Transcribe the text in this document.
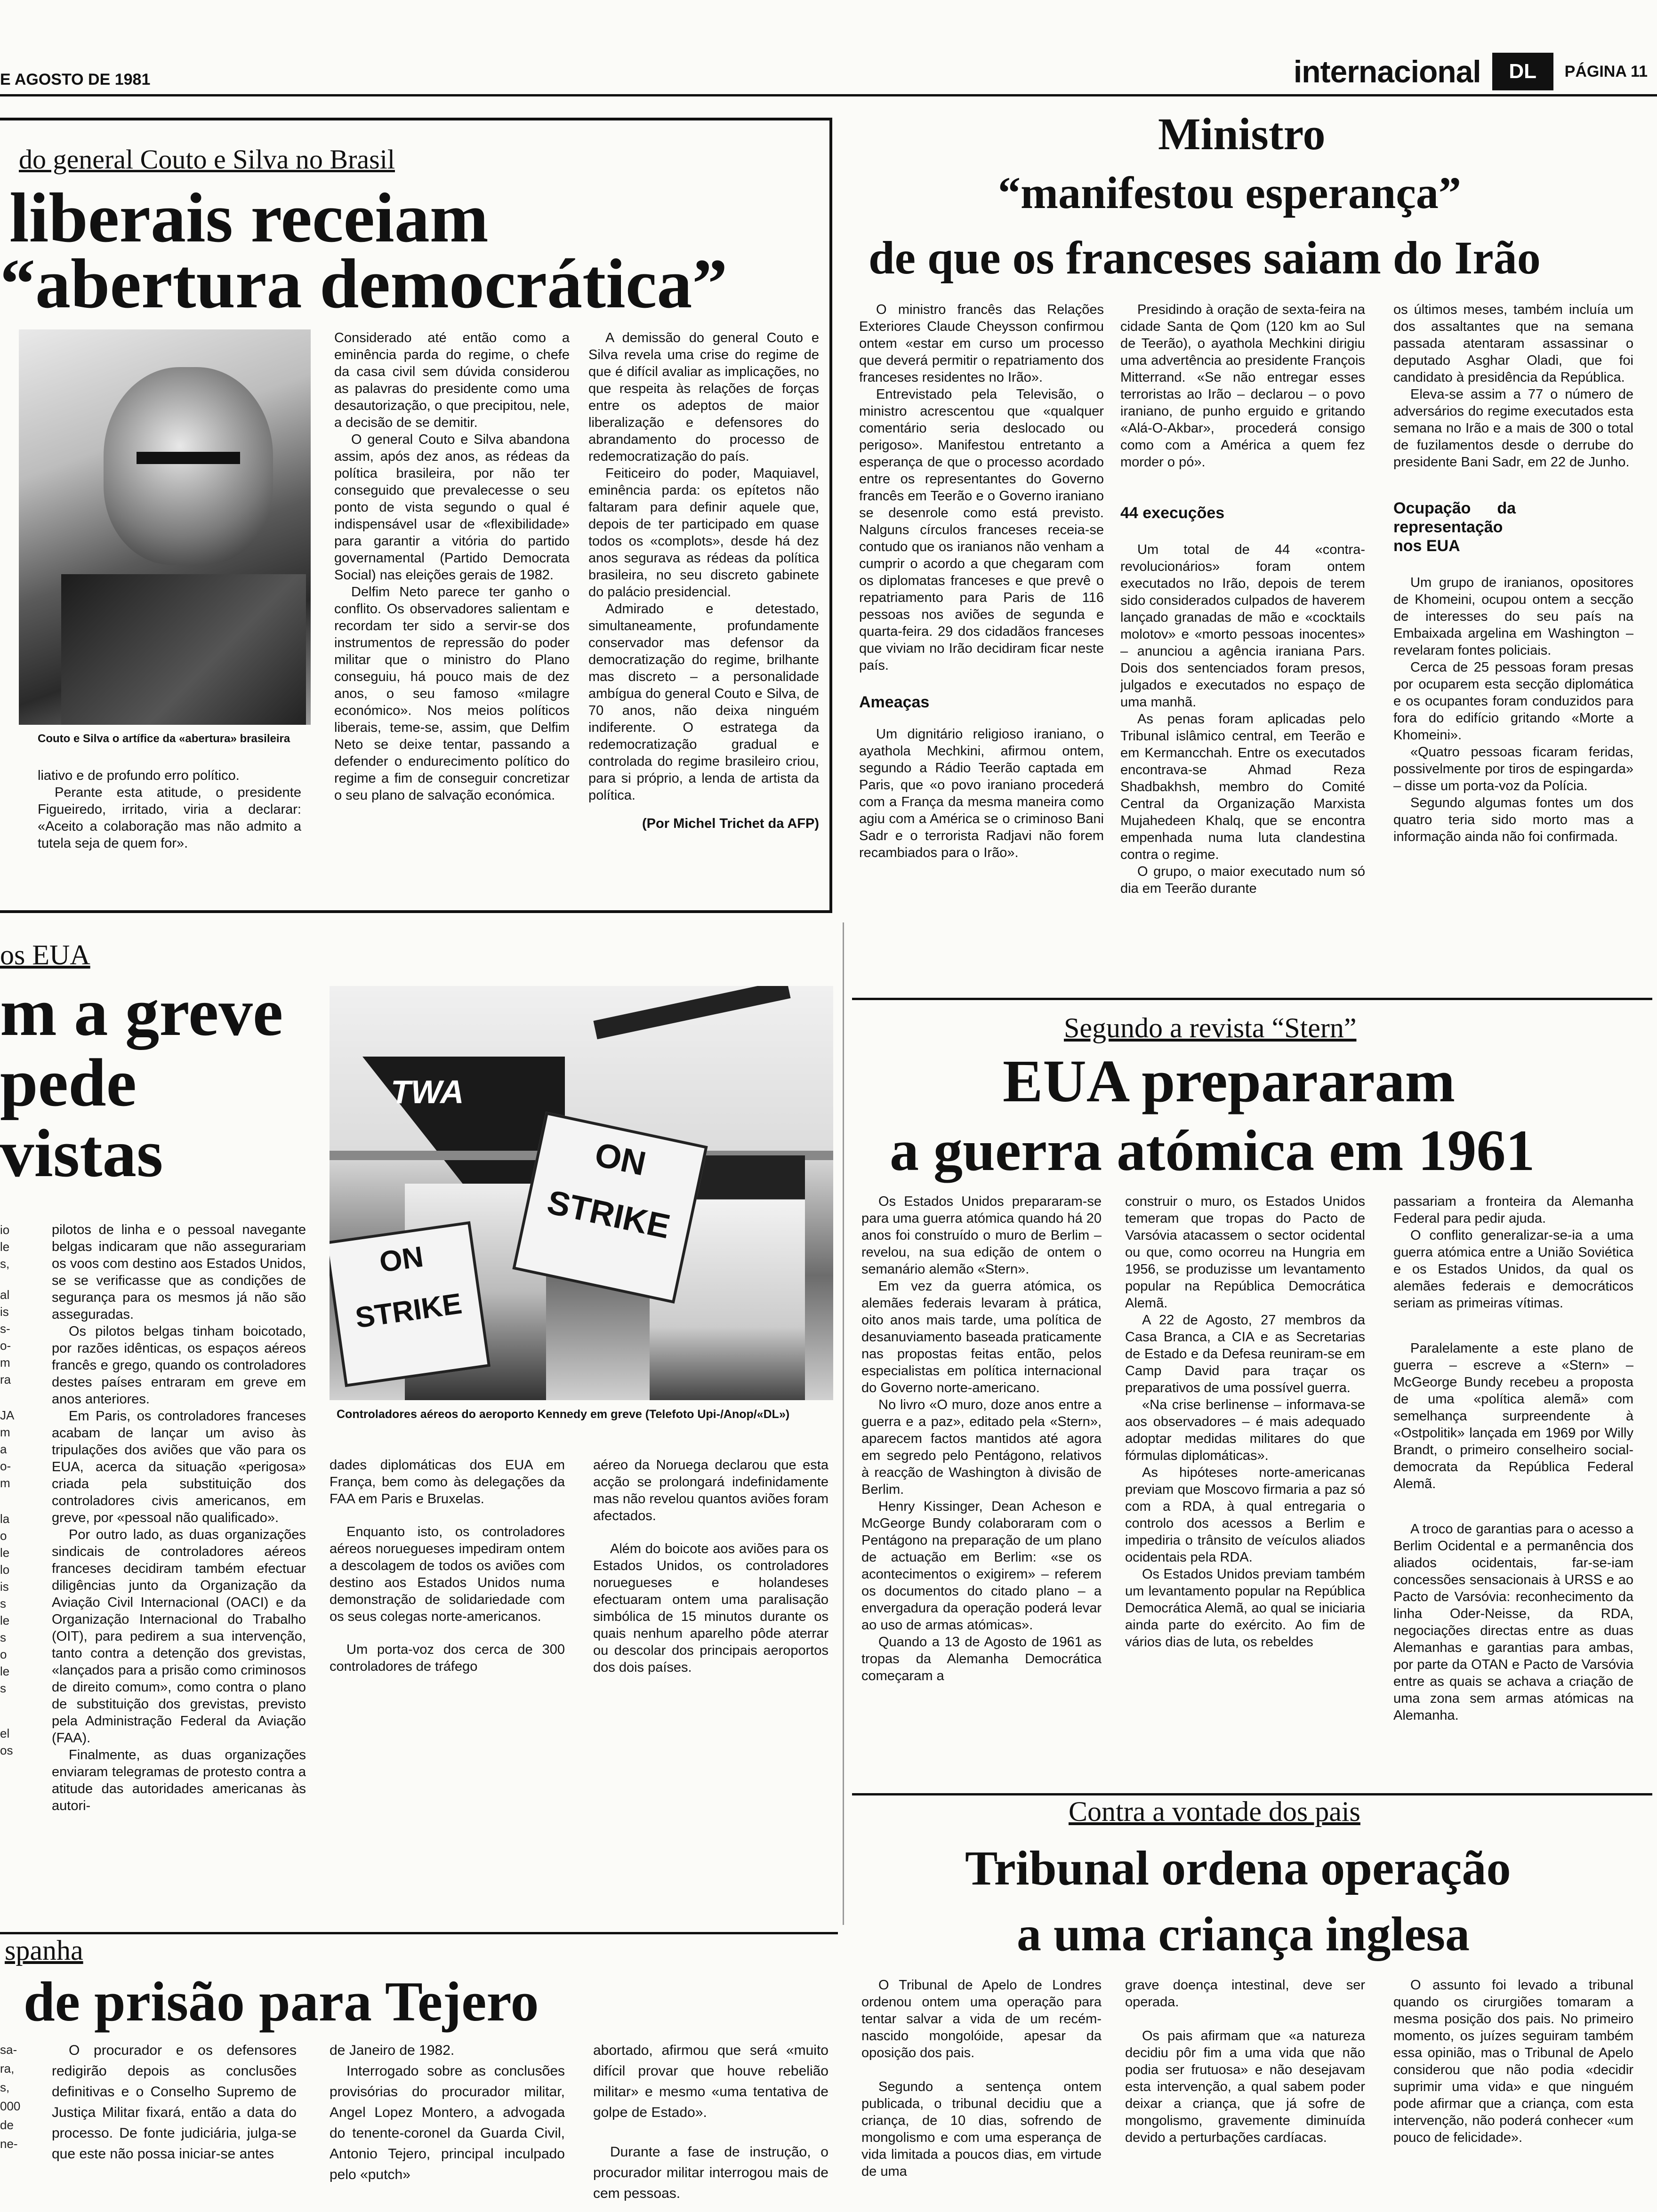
E AGOSTO DE 1981	internacional	DL	PÁGINA 11
do general Couto e Silva no Brasil
liberais receiam
“abertura democrática”
Couto e Silva o artífice da «abertura» brasileira

liativo e de profundo erro político.

Perante esta atitude, o presidente Figueiredo, irritado, viria a declarar: «Aceito a colaboração mas não admito a tutela seja de quem for».

Considerado até então como a eminência parda do regime, o chefe da casa civil sem dúvida considerou as palavras do presidente como uma desautorização, o que precipitou, nele, a decisão de se demitir.

O general Couto e Silva abandona assim, após dez anos, as rédeas da política brasileira, por não ter conseguido que prevalecesse o seu ponto de vista segundo o qual é indispensável usar de «flexibilidade» para garantir a vitória do partido governamental (Partido Democrata Social) nas eleições gerais de 1982.

Delfim Neto parece ter ganho o conflito. Os observadores salientam e recordam ter sido a servir-se dos instrumentos de repressão do poder militar que o ministro do Plano conseguiu, há pouco mais de dez anos, o seu famoso «milagre económico». Nos meios políticos liberais, teme-se, assim, que Delfim Neto se deixe tentar, passando a defender o endurecimento político do regime a fim de conseguir concretizar o seu plano de salvação económica.

A demissão do general Couto e Silva revela uma crise do regime de que é difícil avaliar as implicações, no que respeita às relações de forças entre os adeptos de maior liberalização e defensores do abrandamento do processo de redemocratização do país.

Feiticeiro do poder, Maquiavel, eminência parda: os epítetos não faltaram para definir aquele que, depois de ter participado em quase todos os «complots», desde há dez anos segurava as rédeas da política brasileira, no seu discreto gabinete do palácio presidencial.

Admirado e detestado, simultaneamente, profundamente conservador mas defensor da democratização do regime, brilhante mas discreto – a personalidade ambígua do general Couto e Silva, de 70 anos, não deixa ninguém indiferente. O estratega da redemocratização gradual e controlada do regime brasileiro criou, para si próprio, a lenda de artista da política.

(Por Michel Trichet da AFP)

Ministro
“manifestou esperança”
de que os franceses saiam do Irão

O ministro francês das Relações Exteriores Claude Cheysson confirmou ontem «estar em curso um processo que deverá permitir o repatriamento dos franceses residentes no Irão».

Entrevistado pela Televisão, o ministro acrescentou que «qualquer comentário seria deslocado ou perigoso». Manifestou entretanto a esperança de que o processo acordado entre os representantes do Governo francês em Teerão e o Governo iraniano se desenrole como está previsto. Nalguns círculos franceses receia-se contudo que os iranianos não venham a cumprir o acordo a que chegaram com os diplomatas franceses e que prevê o repatriamento para Paris de 116 pessoas nos aviões de segunda e quarta-feira. 29 dos cidadãos franceses que viviam no Irão decidiram ficar neste país.

Ameaças

Um dignitário religioso iraniano, o ayathola Mechkini, afirmou ontem, segundo a Rádio Teerão captada em Paris, que «o povo iraniano procederá com a França da mesma maneira como agiu com a América se o criminoso Bani Sadr e o terrorista Radjavi não forem recambiados para o Irão».

Presidindo à oração de sexta-feira na cidade Santa de Qom (120 km ao Sul de Teerão), o ayathola Mechkini dirigiu uma advertência ao presidente François Mitterrand. «Se não entregar esses terroristas ao Irão – declarou – o povo iraniano, de punho erguido e gritando «Alá-O-Akbar», procederá consigo como com a América a quem fez morder o pó».

44 execuções

Um total de 44 «contra-revolucionários» foram ontem executados no Irão, depois de terem sido considerados culpados de haverem lançado granadas de mão e «cocktails molotov» e «morto pessoas inocentes» – anunciou a agência iraniana Pars. Dois dos sentenciados foram presos, julgados e executados no espaço de uma manhã.

As penas foram aplicadas pelo Tribunal islâmico central, em Teerão e em Kermancchah. Entre os executados encontrava-se Ahmad Reza Shadbakhsh, membro do Comité Central da Organização Marxista Mujahedeen Khalq, que se encontra empenhada numa luta clandestina contra o regime.

O grupo, o maior executado num só dia em Teerão durante

os últimos meses, também incluía um dos assaltantes que na semana passada atentaram assassinar o deputado Asghar Oladi, que foi candidato à presidência da República.

Eleva-se assim a 77 o número de adversários do regime executados esta semana no Irão e a mais de 300 o total de fuzilamentos desde o derrube do presidente Bani Sadr, em 22 de Junho.

Ocupação da representação nos EUA

Um grupo de iranianos, opositores de Khomeini, ocupou ontem a secção de interesses do seu país na Embaixada argelina em Washington – revelaram fontes policiais.

Cerca de 25 pessoas foram presas por ocuparem esta secção diplomática e os ocupantes foram conduzidos para fora do edifício gritando «Morte a Khomeini».

«Quatro pessoas ficaram feridas, possivelmente por tiros de espingarda» – disse um porta-voz da Polícia.

Segundo algumas fontes um dos quatro teria sido morto mas a informação ainda não foi confirmada.

os EUA
m a greve
pede
vistas
io
le
s,
al
is
s-
o-
m
ra
JA
m
a
o-
m
la
o
le
lo
is
s
le
s
o
le
s
el
os

pilotos de linha e o pessoal navegante belgas indicaram que não assegurariam os voos com destino aos Estados Unidos, se se verificasse que as condições de segurança para os mesmos já não são asseguradas.

Os pilotos belgas tinham boicotado, por razões idênticas, os espaços aéreos francês e grego, quando os controladores destes países entraram em greve em anos anteriores.

Em Paris, os controladores franceses acabam de lançar um aviso às tripulações dos aviões que vão para os EUA, acerca da situação «perigosa» criada pela substituição dos controladores civis americanos, em greve, por «pessoal não qualificado».

Por outro lado, as duas organizações sindicais de controladores aéreos franceses decidiram também efectuar diligências junto da Organização da Aviação Civil Internacional (OACI) e da Organização Internacional do Trabalho (OIT), para pedirem a sua intervenção, tanto contra a detenção dos grevistas, «lançados para a prisão como criminosos de direito comum», como contra o plano de substituição dos grevistas, previsto pela Administração Federal da Aviação (FAA).

Finalmente, as duas organizações enviaram telegramas de protesto contra a atitude das autoridades americanas às autori-

TWA
ON STRIKE
ON STRIKE
Controladores aéreos do aeroporto Kennedy em greve (Telefoto Upi-/Anop/«DL»)

dades diplomáticas dos EUA em França, bem como às delegações da FAA em Paris e Bruxelas.

Enquanto isto, os controladores aéreos noruegueses impediram ontem a descolagem de todos os aviões com destino aos Estados Unidos numa demonstração de solidariedade com os seus colegas norte-americanos.

Um porta-voz dos cerca de 300 controladores de tráfego

aéreo da Noruega declarou que esta acção se prolongará indefinidamente mas não revelou quantos aviões foram afectados.

Além do boicote aos aviões para os Estados Unidos, os controladores noruegueses e holandeses efectuaram ontem uma paralisação simbólica de 15 minutos durante os quais nenhum aparelho pôde aterrar ou descolar dos principais aeroportos dos dois países.

Segundo a revista “Stern”
EUA prepararam
a guerra atómica em 1961

Os Estados Unidos prepararam-se para uma guerra atómica quando há 20 anos foi construído o muro de Berlim – revelou, na sua edição de ontem o semanário alemão «Stern».

Em vez da guerra atómica, os alemães federais levaram à prática, oito anos mais tarde, uma política de desanuviamento baseada praticamente nas propostas feitas então, pelos especialistas em política internacional do Governo norte-americano.

No livro «O muro, doze anos entre a guerra e a paz», editado pela «Stern», aparecem factos mantidos até agora em segredo pelo Pentágono, relativos à reacção de Washington à divisão de Berlim.

Henry Kissinger, Dean Acheson e McGeorge Bundy colaboraram com o Pentágono na preparação de um plano de actuação em Berlim: «se os acontecimentos o exigirem» – referem os documentos do citado plano – a envergadura da operação poderá levar ao uso de armas atómicas».

Quando a 13 de Agosto de 1961 as tropas da Alemanha Democrática começaram a

construir o muro, os Estados Unidos temeram que tropas do Pacto de Varsóvia atacassem o sector ocidental ou que, como ocorreu na Hungria em 1956, se produzisse um levantamento popular na República Democrática Alemã.

A 22 de Agosto, 27 membros da Casa Branca, a CIA e as Secretarias de Estado e da Defesa reuniram-se em Camp David para traçar os preparativos de uma possível guerra.

«Na crise berlinense – informava-se aos observadores – é mais adequado adoptar medidas militares do que fórmulas diplomáticas».

As hipóteses norte-americanas previam que Moscovo firmaria a paz só com a RDA, à qual entregaria o controlo dos acessos a Berlim e impediria o trânsito de veículos aliados ocidentais pela RDA.

Os Estados Unidos previam também um levantamento popular na República Democrática Alemã, ao qual se iniciaria ainda parte do exército. Ao fim de vários dias de luta, os rebeldes

passariam a fronteira da Alemanha Federal para pedir ajuda.

O conflito generalizar-se-ia a uma guerra atómica entre a União Soviética e os Estados Unidos, da qual os alemães federais e democráticos seriam as primeiras vítimas.

Paralelamente a este plano de guerra – escreve a «Stern» – McGeorge Bundy recebeu a proposta de uma «política alemã» com semelhança surpreendente à «Ostpolitik» lançada em 1969 por Willy Brandt, o primeiro conselheiro social-democrata da República Federal Alemã.

A troco de garantias para o acesso a Berlim Ocidental e a permanência dos aliados ocidentais, far-se-iam concessões sensacionais à URSS e ao Pacto de Varsóvia: reconhecimento da linha Oder-Neisse, da RDA, negociações directas entre as duas Alemanhas e garantias para ambas, por parte da OTAN e Pacto de Varsóvia entre as quais se achava a criação de uma zona sem armas atómicas na Alemanha.

Contra a vontade dos pais
Tribunal ordena operação
a uma criança inglesa

O Tribunal de Apelo de Londres ordenou ontem uma operação para tentar salvar a vida de um recém-nascido mongolóide, apesar da oposição dos pais.

Segundo a sentença ontem publicada, o tribunal decidiu que a criança, de 10 dias, sofrendo de mongolismo e com uma esperança de vida limitada a poucos dias, em virtude de uma

grave doença intestinal, deve ser operada.

Os pais afirmam que «a natureza decidiu pôr fim a uma vida que não podia ser frutuosa» e não desejavam esta intervenção, a qual sabem poder deixar a criança, que já sofre de mongolismo, gravemente diminuída devido a perturbações cardíacas.

O assunto foi levado a tribunal quando os cirurgiões tomaram a mesma posição dos pais. No primeiro momento, os juízes seguiram também essa opinião, mas o Tribunal de Apelo considerou que não podia «decidir suprimir uma vida» e que ninguém pode afirmar que a criança, com esta intervenção, não poderá conhecer «um pouco de felicidade».

spanha
de prisão para Tejero
sa-
ra,
s,
000
de
ne-

O procurador e os defensores redigirão depois as conclusões definitivas e o Conselho Supremo de Justiça Militar fixará, então a data do processo. De fonte judiciária, julga-se que este não possa iniciar-se antes

de Janeiro de 1982.

Interrogado sobre as conclusões provisórias do procurador militar, Angel Lopez Montero, a advogada do tenente-coronel da Guarda Civil, Antonio Tejero, principal inculpado pelo «putch»

abortado, afirmou que será «muito difícil provar que houve rebelião militar» e mesmo «uma tentativa de golpe de Estado».

Durante a fase de instrução, o procurador militar interrogou mais de cem pessoas.
